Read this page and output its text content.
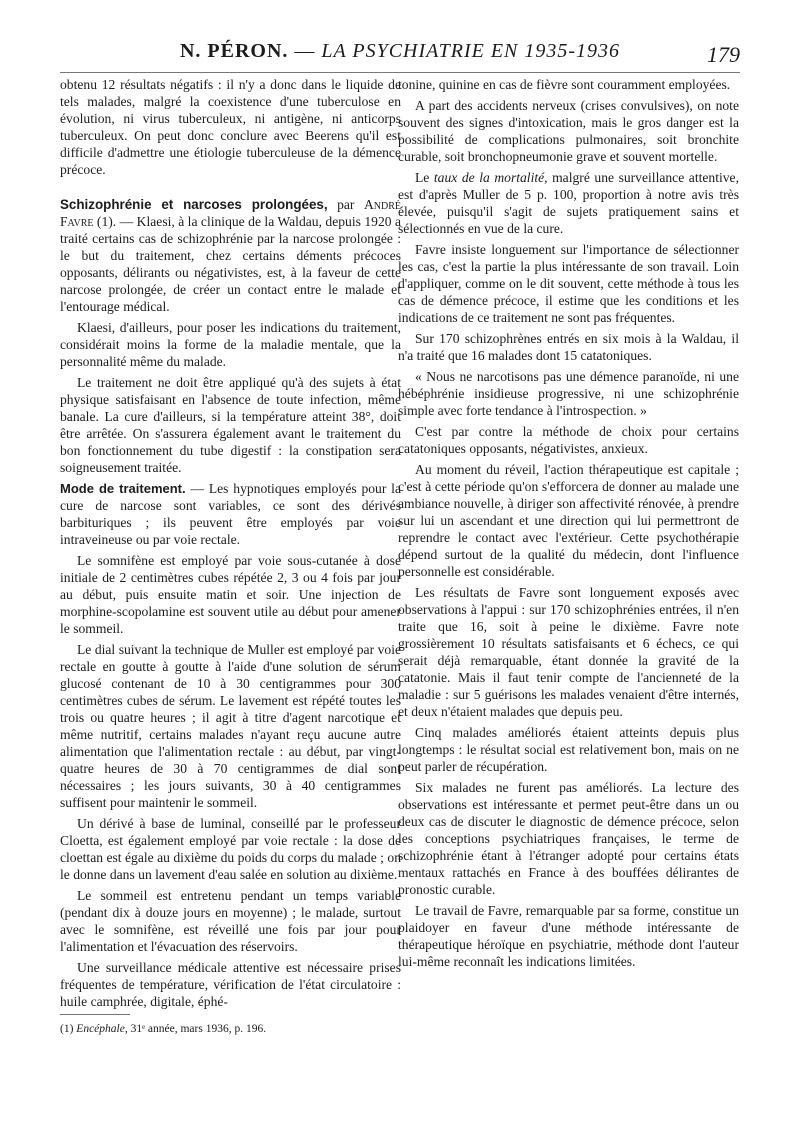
N. PÉRON. — LA PSYCHIATRIE EN 1935-1936	179

obtenu 12 résultats négatifs : il n'y a donc dans le liquide de tels malades, malgré la coexistence d'une tuberculose en évolution, ni virus tuberculeux, ni antigène, ni anticorps tuberculeux. On peut donc conclure avec Beerens qu'il est difficile d'admettre une étiologie tuberculeuse de la démence précoce.

Schizophrénie et narcoses prolongées, par André Favre (1). — Klaesi, à la clinique de la Waldau, depuis 1920 a traité certains cas de schizophrénie par la narcose prolongée : le but du traitement, chez certains déments précoces opposants, délirants ou négativistes, est, à la faveur de cette narcose prolongée, de créer un contact entre le malade et l'entourage médical.

Klaesi, d'ailleurs, pour poser les indications du traitement, considérait moins la forme de la maladie mentale, que la personnalité même du malade.

Le traitement ne doit être appliqué qu'à des sujets à état physique satisfaisant en l'absence de toute infection, même banale. La cure d'ailleurs, si la température atteint 38°, doit être arrêtée. On s'assurera également avant le traitement du bon fonctionnement du tube digestif : la constipation sera soigneusement traitée.

Mode de traitement. — Les hypnotiques employés pour la cure de narcose sont variables, ce sont des dérivés barbituriques ; ils peuvent être employés par voie intraveineuse ou par voie rectale.

Le somnifène est employé par voie sous-cutanée à dose initiale de 2 centimètres cubes répétée 2, 3 ou 4 fois par jour au début, puis ensuite matin et soir. Une injection de morphine-scopolamine est souvent utile au début pour amener le sommeil.

Le dial suivant la technique de Muller est employé par voie rectale en goutte à goutte à l'aide d'une solution de sérum glucosé contenant de 10 à 30 centigrammes pour 300 centimètres cubes de sérum. Le lavement est répété toutes les trois ou quatre heures ; il agit à titre d'agent narcotique et même nutritif, certains malades n'ayant reçu aucune autre alimentation que l'alimentation rectale : au début, par vingt-quatre heures de 30 à 70 centigrammes de dial sont nécessaires ; les jours suivants, 30 à 40 centigrammes suffisent pour maintenir le sommeil.

Un dérivé à base de luminal, conseillé par le professeur Cloetta, est également employé par voie rectale : la dose de cloettan est égale au dixième du poids du corps du malade ; on le donne dans un lavement d'eau salée en solution au dixième.

Le sommeil est entretenu pendant un temps variable (pendant dix à douze jours en moyenne) ; le malade, surtout avec le somnifène, est réveillé une fois par jour pour l'alimentation et l'évacuation des réservoirs.

Une surveillance médicale attentive est nécessaire prises fréquentes de température, vérification de l'état circulatoire : huile camphrée, digitale, éphé-

(1) Encéphale, 31ᵉ année, mars 1936, p. 196.

tonine, quinine en cas de fièvre sont couramment employées.

A part des accidents nerveux (crises convulsives), on note souvent des signes d'intoxication, mais le gros danger est la possibilité de complications pulmonaires, soit bronchite curable, soit bronchopneumonie grave et souvent mortelle.

Le taux de la mortalité, malgré une surveillance attentive, est d'après Muller de 5 p. 100, proportion à notre avis très élevée, puisqu'il s'agit de sujets pratiquement sains et sélectionnés en vue de la cure.

Favre insiste longuement sur l'importance de sélectionner les cas, c'est la partie la plus intéressante de son travail. Loin d'appliquer, comme on le dit souvent, cette méthode à tous les cas de démence précoce, il estime que les conditions et les indications de ce traitement ne sont pas fréquentes.

Sur 170 schizophrènes entrés en six mois à la Waldau, il n'a traité que 16 malades dont 15 catatoniques.

« Nous ne narcotisons pas une démence paranoïde, ni une hébéphrénie insidieuse progressive, ni une schizophrénie simple avec forte tendance à l'introspection. »

C'est par contre la méthode de choix pour certains catatoniques opposants, négativistes, anxieux.

Au moment du réveil, l'action thérapeutique est capitale ; c'est à cette période qu'on s'efforcera de donner au malade une ambiance nouvelle, à diriger son affectivité rénovée, à prendre sur lui un ascendant et une direction qui lui permettront de reprendre le contact avec l'extérieur. Cette psychothérapie dépend surtout de la qualité du médecin, dont l'influence personnelle est considérable.

Les résultats de Favre sont longuement exposés avec observations à l'appui : sur 170 schizophrénies entrées, il n'en traite que 16, soit à peine le dixième. Favre note grossièrement 10 résultats satisfaisants et 6 échecs, ce qui serait déjà remarquable, étant donnée la gravité de la catatonie. Mais il faut tenir compte de l'ancienneté de la maladie : sur 5 guérisons les malades venaient d'être internés, et deux n'étaient malades que depuis peu.

Cinq malades améliorés étaient atteints depuis plus longtemps : le résultat social est relativement bon, mais on ne peut parler de récupération.

Six malades ne furent pas améliorés. La lecture des observations est intéressante et permet peut-être dans un ou deux cas de discuter le diagnostic de démence précoce, selon les conceptions psychiatriques françaises, le terme de schizophrénie étant à l'étranger adopté pour certains états mentaux rattachés en France à des bouffées délirantes de pronostic curable.

Le travail de Favre, remarquable par sa forme, constitue un plaidoyer en faveur d'une méthode intéressante de thérapeutique héroïque en psychiatrie, méthode dont l'auteur lui-même reconnaît les indications limitées.
